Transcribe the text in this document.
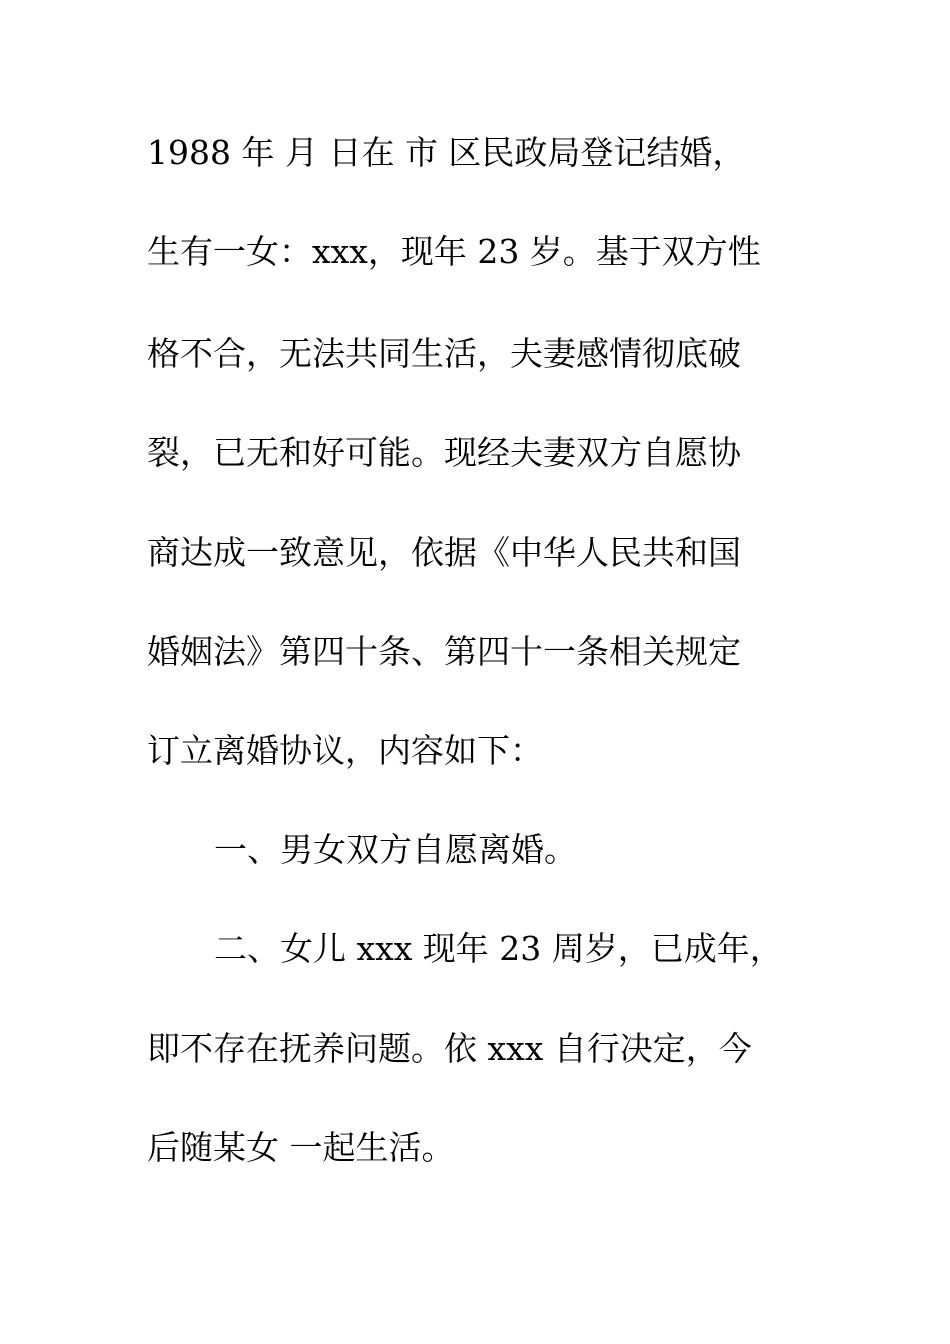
1988 年 月 日在 市 区民政局登记结婚，
生有一女：xxx，现年 23 岁。基于双方性
格不合，无法共同生活，夫妻感情彻底破
裂，已无和好可能。现经夫妻双方自愿协
商达成一致意见，依据《中华人民共和国
婚姻法》第四十条、第四十一条相关规定
订立离婚协议，内容如下：
一、男女双方自愿离婚。
二、女儿 xxx 现年 23 周岁，已成年，
即不存在抚养问题。依 xxx 自行决定，今
后随某女 一起生活。
